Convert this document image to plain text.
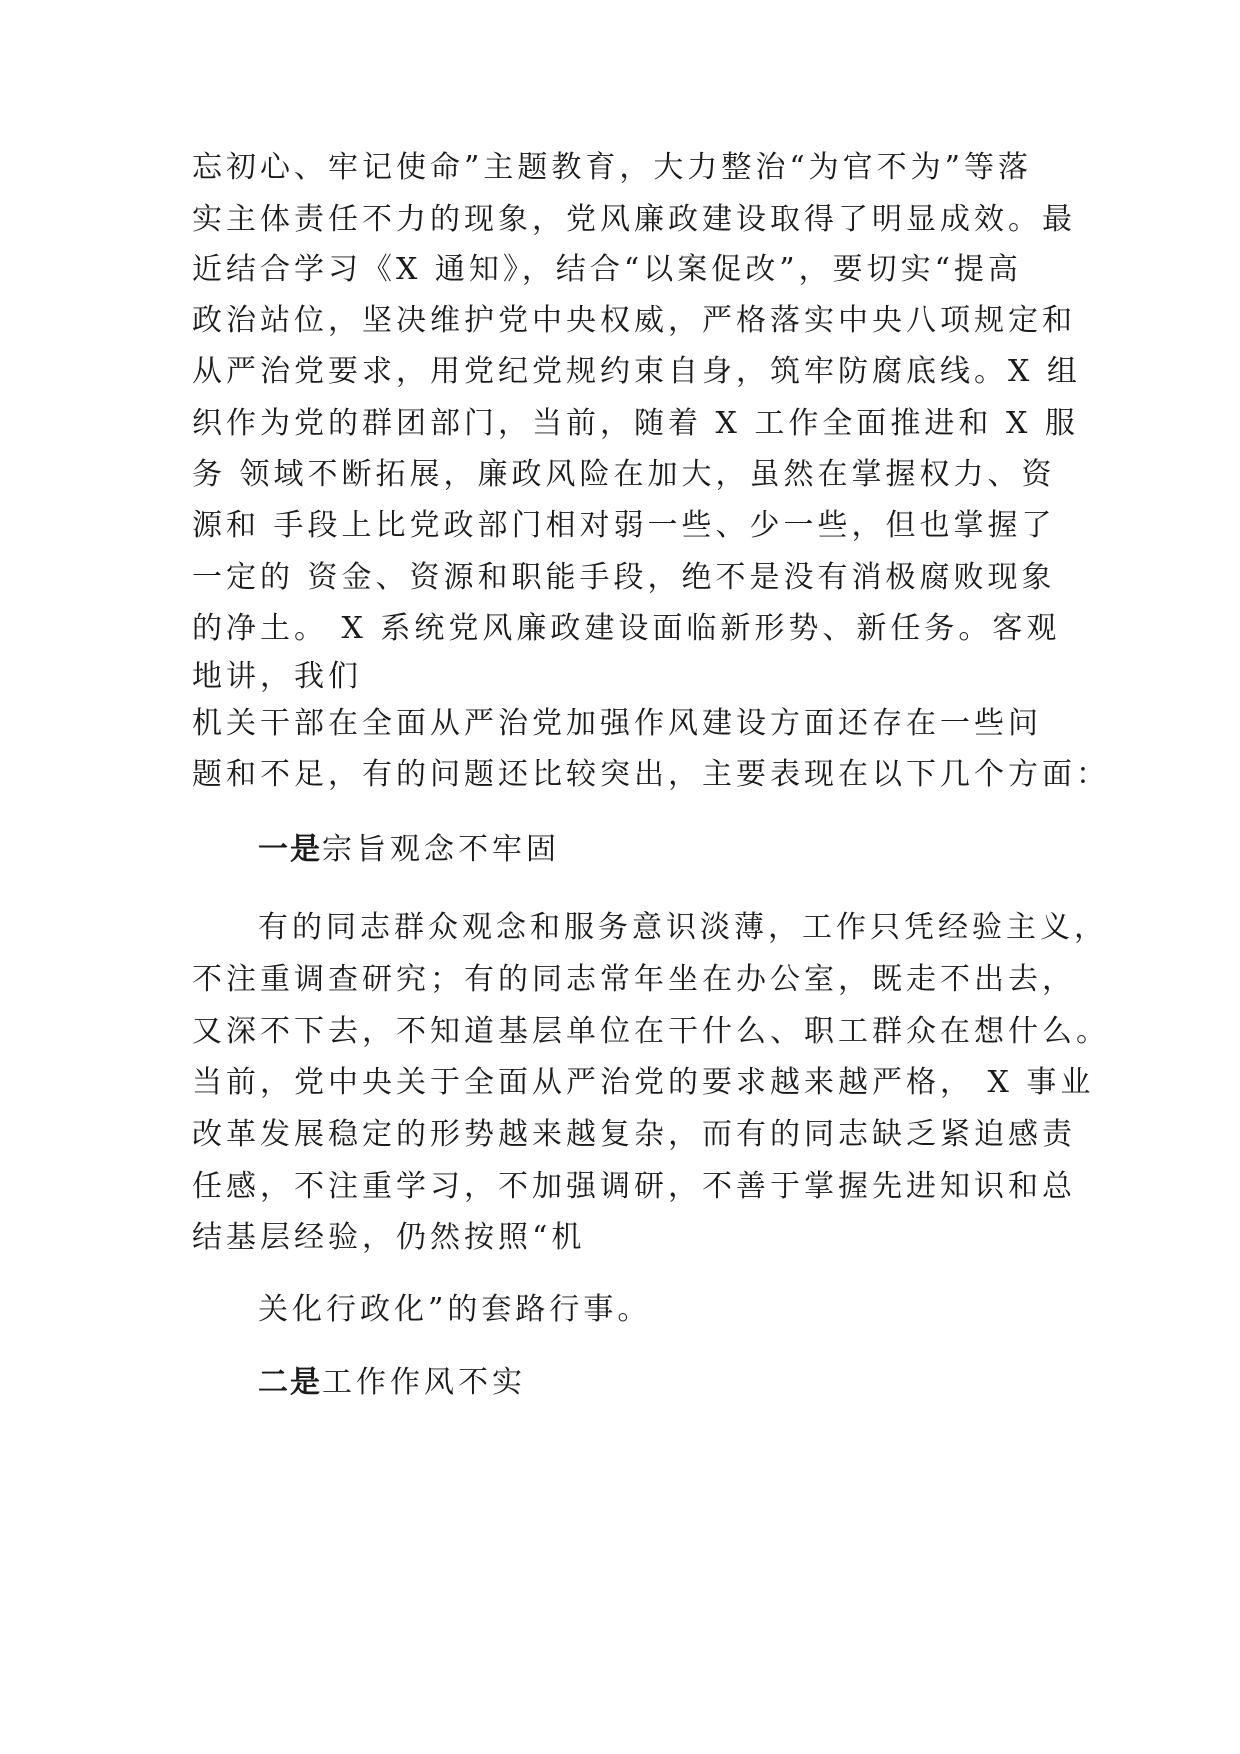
忘初心、牢记使命”主题教育，大力整治“为官不为”等落
实主体责任不力的现象，党风廉政建设取得了明显成效。最
近结合学习《X 通知》，结合“以案促改”，要切实“提高
政治站位，坚决维护党中央权威，严格落实中央八项规定和
从严治党要求，用党纪党规约束自身，筑牢防腐底线。X 组
织作为党的群团部门，当前，随着 X 工作全面推进和 X 服
务 领域不断拓展，廉政风险在加大，虽然在掌握权力、资
源和 手段上比党政部门相对弱一些、少一些，但也掌握了
一定的 资金、资源和职能手段，绝不是没有消极腐败现象
的净土。 X 系统党风廉政建设面临新形势、新任务。客观
地讲，我们
机关干部在全面从严治党加强作风建设方面还存在一些问
题和不足，有的问题还比较突出，主要表现在以下几个方面：
一是宗旨观念不牢固
有的同志群众观念和服务意识淡薄，工作只凭经验主义，
不注重调查研究；有的同志常年坐在办公室，既走不出去，
又深不下去，不知道基层单位在干什么、职工群众在想什么。
当前，党中央关于全面从严治党的要求越来越严格， X 事业
改革发展稳定的形势越来越复杂，而有的同志缺乏紧迫感责
任感，不注重学习，不加强调研，不善于掌握先进知识和总
结基层经验，仍然按照“机
关化行政化”的套路行事。
二是工作作风不实
